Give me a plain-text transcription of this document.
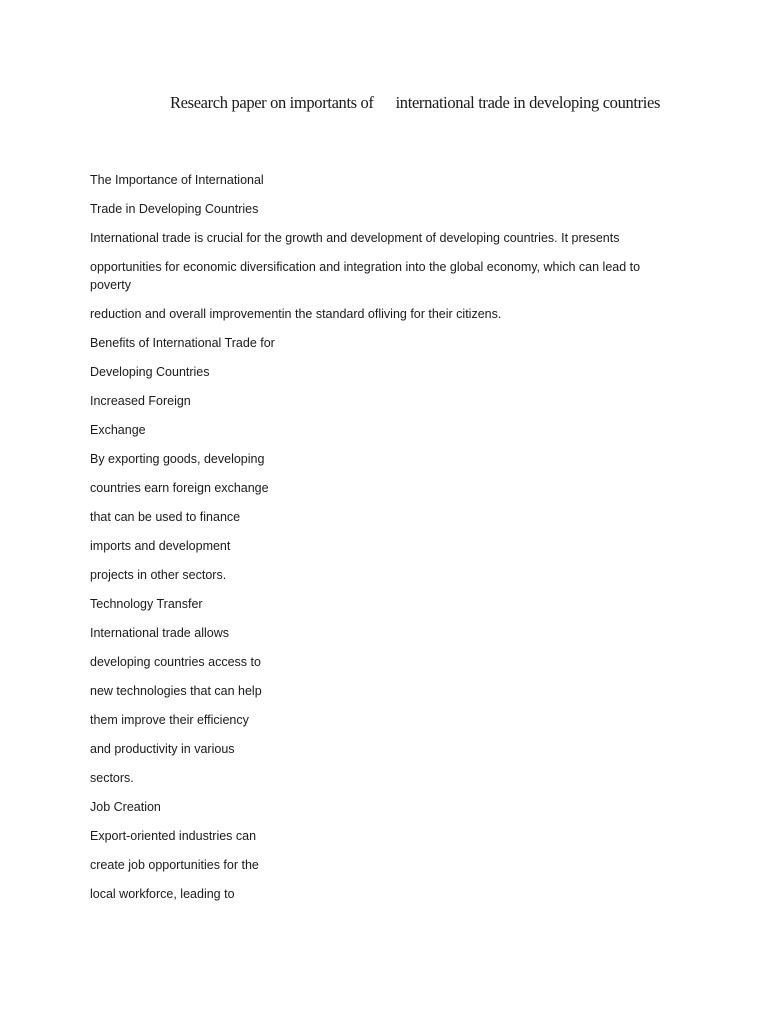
Research paper on importants of international trade in developing countries

The Importance of International

Trade in Developing Countries

International trade is crucial for the growth and development of developing countries. It presents

opportunities for economic diversification and integration into the global economy, which can lead to poverty

reduction and overall improvementin the standard ofliving for their citizens.

Benefits of International Trade for

Developing Countries

Increased Foreign

Exchange

By exporting goods, developing

countries earn foreign exchange

that can be used to finance

imports and development

projects in other sectors.

Technology Transfer

International trade allows

developing countries access to

new technologies that can help

them improve their efficiency

and productivity in various

sectors.

Job Creation

Export-oriented industries can

create job opportunities for the

local workforce, leading to
